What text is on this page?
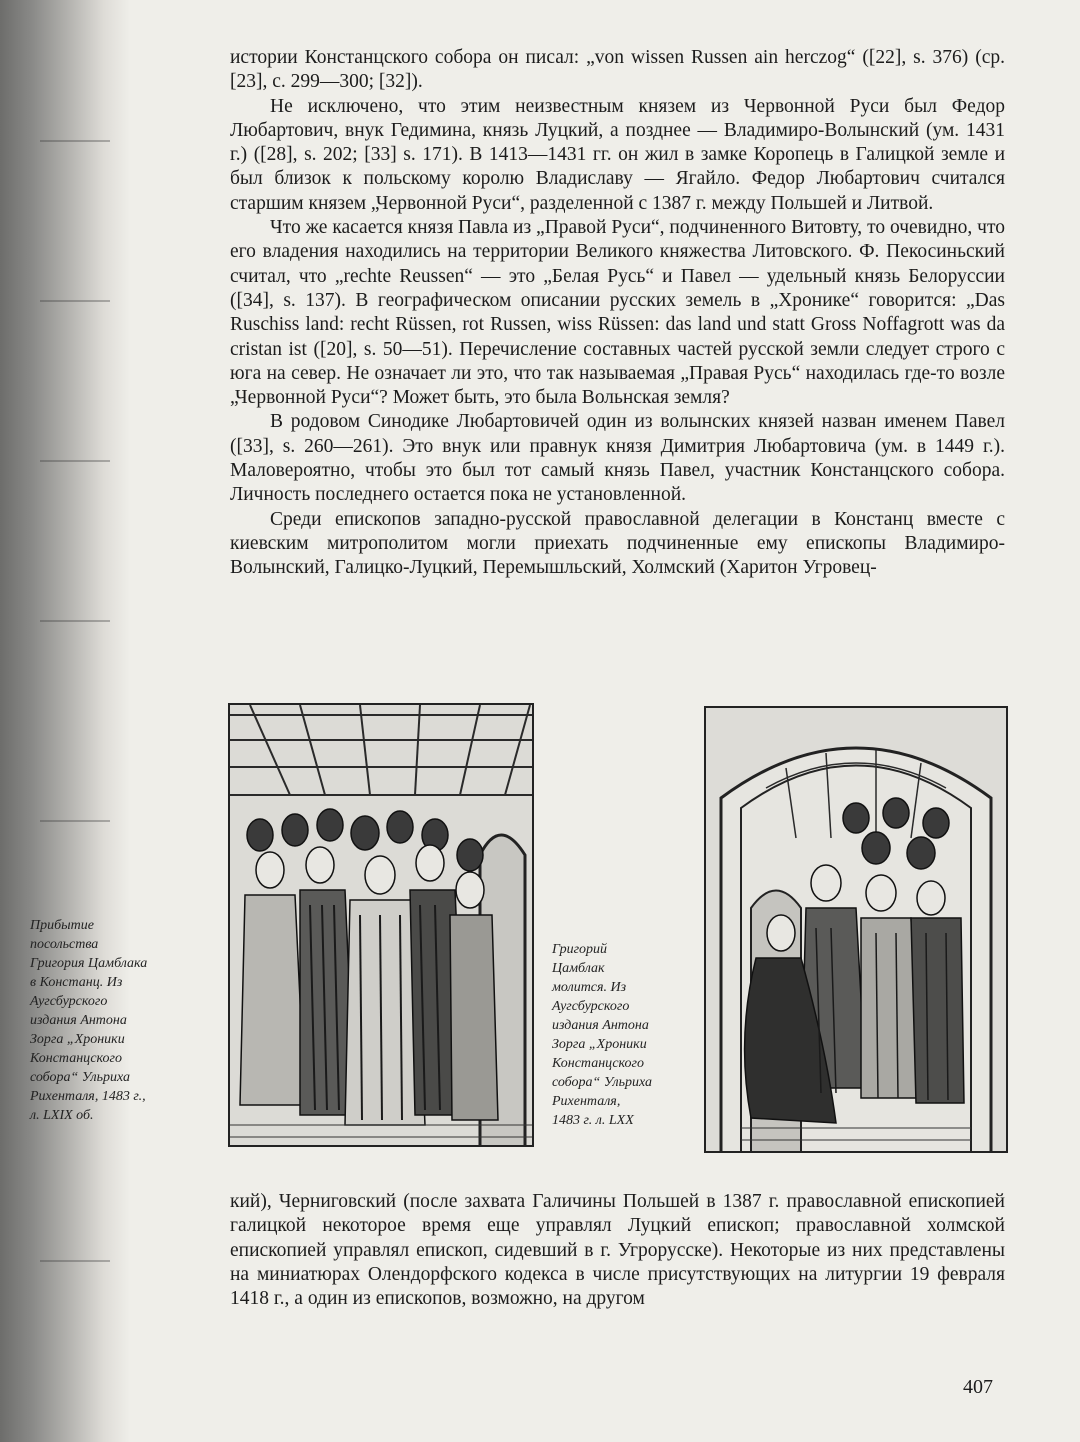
истории Констанцского собора он писал: „von wissen Russen ain herczog“ ([22], s. 376) (ср. [23], с. 299—300; [32]).

Не исключено, что этим неизвестным князем из Червонной Руси был Федор Любартович, внук Гедимина, князь Луцкий, а позднее — Владимиро-Волынский (ум. 1431 г.) ([28], s. 202; [33] s. 171). В 1413—1431 гг. он жил в замке Коропець в Галицкой земле и был близок к польскому королю Владиславу — Ягайло. Федор Любартович считался старшим князем „Червонной Руси“, разделенной с 1387 г. между Польшей и Литвой.

Что же касается князя Павла из „Правой Руси“, подчиненного Витовту, то очевидно, что его владения находились на территории Великого княжества Литовского. Ф. Пекосиньский считал, что „rechte Reussen“ — это „Белая Русь“ и Павел — удельный князь Белоруссии ([34], s. 137). В географическом описании русских земель в „Хронике“ говорится: „Das Ruschiss land: recht Rüssen, rot Russen, wiss Rüssen: das land und statt Gross Noffagrott was da cristan ist ([20], s. 50—51). Перечисление составных частей русской земли следует строго с юга на север. Не означает ли это, что так называемая „Правая Русь“ находилась где-то возле „Червонной Руси“? Может быть, это была Вольнская земля?

В родовом Синодике Любартовичей один из волынских князей назван именем Павел ([33], s. 260—261). Это внук или правнук князя Димитрия Любартовича (ум. в 1449 г.). Маловероятно, чтобы это был тот самый князь Павел, участник Констанцского собора. Личность последнего остается пока не установленной.

Среди епископов западно-русской православной делегации в Констанц вместе с киевским митрополитом могли приехать подчиненные ему епископы Владимиро-Волынский, Галицко-Луцкий, Перемышльский, Холмский (Харитон Угровец-

Прибытие
посольства
Григория Цамблака
в Констанц. Из
Аугсбурского
издания Антона
Зорга „Хроники
Констанцского
собора“ Ульриха
Рихенталя, 1483 г.,
л. LXIX об.
Григорий
Цамблак
молится. Из
Аугсбурского
издания Антона
Зорга „Хроники
Констанцского
собора“ Ульриха
Рихенталя,
1483 г. л. LXX

кий), Черниговский (после захвата Галичины Польшей в 1387 г. православной епископией галицкой некоторое время еще управлял Луцкий епископ; православной холмской епископией управлял епископ, сидевший в г. Угрорусске). Некоторые из них представлены на миниатюрах Олендорфского кодекса в числе присутствующих на литургии 19 февраля 1418 г., а один из епископов, возможно, на другом

407
